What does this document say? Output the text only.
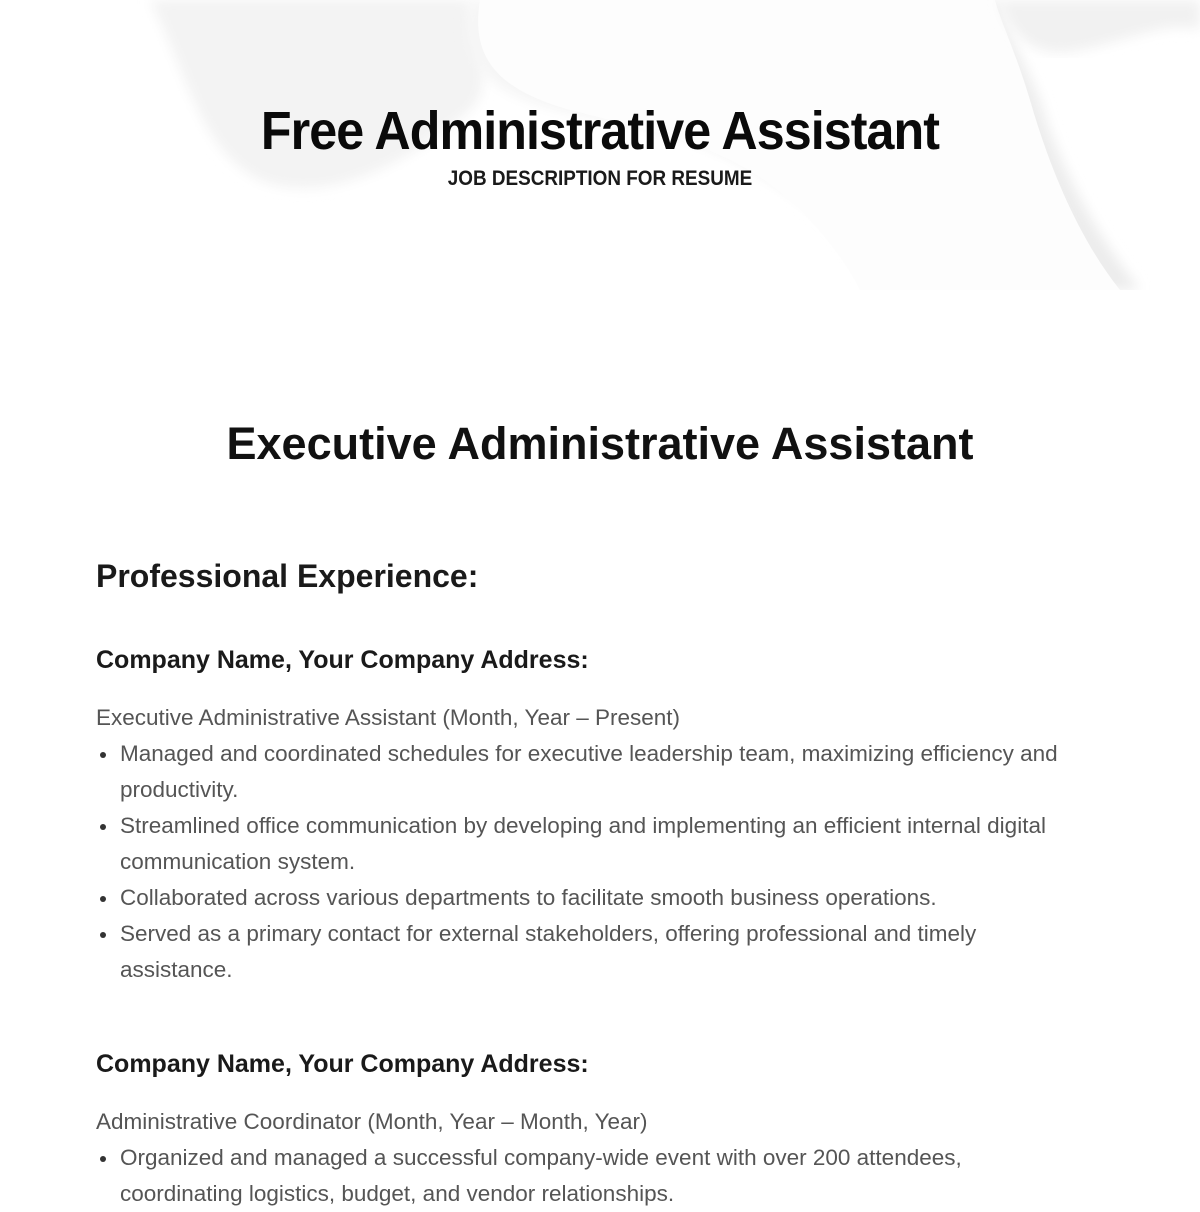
Free Administrative Assistant
JOB DESCRIPTION FOR RESUME
Executive Administrative Assistant
Professional Experience:
Company Name, Your Company Address:
Executive Administrative Assistant (Month, Year – Present)
Managed and coordinated schedules for executive leadership team, maximizing efficiency and productivity.
Streamlined office communication by developing and implementing an efficient internal digital communication system.
Collaborated across various departments to facilitate smooth business operations.
Served as a primary contact for external stakeholders, offering professional and timely assistance.
Company Name, Your Company Address:
Administrative Coordinator (Month, Year – Month, Year)
Organized and managed a successful company-wide event with over 200 attendees, coordinating logistics, budget, and vendor relationships.
